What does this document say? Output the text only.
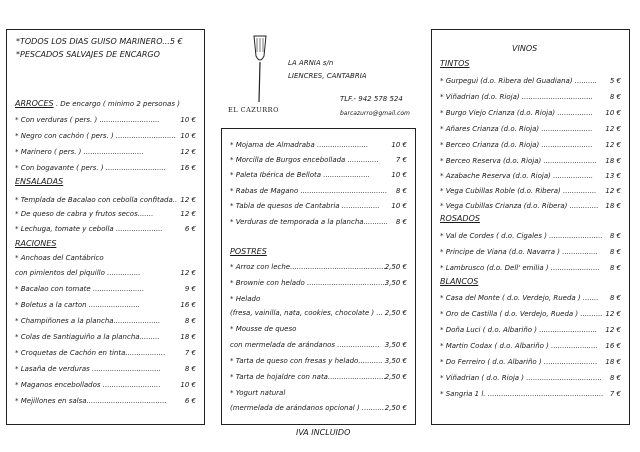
*TODOS LOS DIAS GUISO MARINERO...5 €
*PESCADOS SALVAJES DE ENCARGO
EL CAZURRO
LA ARNIA s/n
LIENCRES, CANTABRIA
TLF.- 942 578 524
barcazurro@gmail.com
ARROCES . De encargo ( minimo 2 personas )
* Con verduras ( pers. ) ...........................	10 €
* Negro con cachón ( pers. ) ........................... 10 €
* Marinero ( pers. ) ...........................	12 €
* Con bogavante ( pers. ) ........................... 16 €
ENSALADAS
* Templada de Bacalao con cebolla confitada.. 12 €
* De queso de cabra y frutos secos.......	12 €
* Lechuga, tomate y cebolla .....................	6 €
RACIONES
* Anchoas del Cantábrico
con pimientos del piquillo ...............	12 €
* Bacalao con tomate .......................	9 €
* Boletus a la carton .......................	16 €
* Champiñones a la plancha.....................	8 €
* Colas de Santiaguiño a la plancha.........	18 €
* Croquetas de Cachón en tinta..................	7 €
* Lasaña de verduras ...............................	8 €
* Maganos encebollados ..........................	10 €
* Mejillones en salsa....................................	6 €
* Mojama de Almadraba .......................	10 €
* Morcilla de Burgos encebollada .............. 7 €
* Paleta Ibérica de Bellota .....................	10 €
* Rabas de Magano ....................................... 8 €
* Tabla de quesos de Cantabria ................. 10 €
* Verduras de temporada a la plancha........... 8 €
POSTRES
* Arroz con leche............................................
2,50 €
* Brownie con helado ....................................
3,50 €
* Helado
(fresa, vainilla, nata, cookies, chocolate ) ... 2,50 €
* Mousse de queso
con mermelada de arándanos ................... 3,50 €
* Tarta de queso con fresas y helado........... 3,50 €
* Tarta de hojaldre con nata..........................
2,50 €
* Yogurt natural
(mermelada de arándanos opcional ) .......... 2,50 €
IVA INCLUIDO
VINOS
TINTOS
* Gurpegui (d.o. Ribera del Guadiana) .......... 5 €
* Viñadrian (d.o. Rioja) ................................ 8 €
* Burgo Viejo Crianza (d.o. Rioja) ................ 10 €
* Añares Crianza (d.o. Rioja) ....................... 12 €
* Berceo Crianza (d.o. Rioja) ....................... 12 €
* Berceo Reserva (d.o. Rioja) ........................ 18 €
* Azabache Reserva (d.o. Rioja) .................. 13 €
* Vega Cubillas Roble (d.o. Ribera) ............... 12 €
* Vega Cubillas Crianza (d.o. Ribera) ............. 18 €
ROSADOS
* Val de Cordes ( d.o. Cigales ) ........................ 8 €
* Principe de Viana (d.o. Navarra ) ................ 8 €
* Lambrusco (d.o. Dell' emilia ) ...................... 8 €
BLANCOS
* Casa del Monte ( d.o. Verdejo, Rueda ) ....... 8 €
* Oro de Castilla ( d.o. Verdejo, Rueda ) .......... 12 €
* Doña Luci ( d.o. Albariño ) .......................... 12 €
* Martin Codax ( d.o. Albariño ) ..................... 16 €
* Do Ferreiro ( d.o. Albariño ) ........................ 18 €
* Viñadrian ( d.o. Rioja ) .................................. 8 €
* Sangria 1 l. .................................................... 7 €
